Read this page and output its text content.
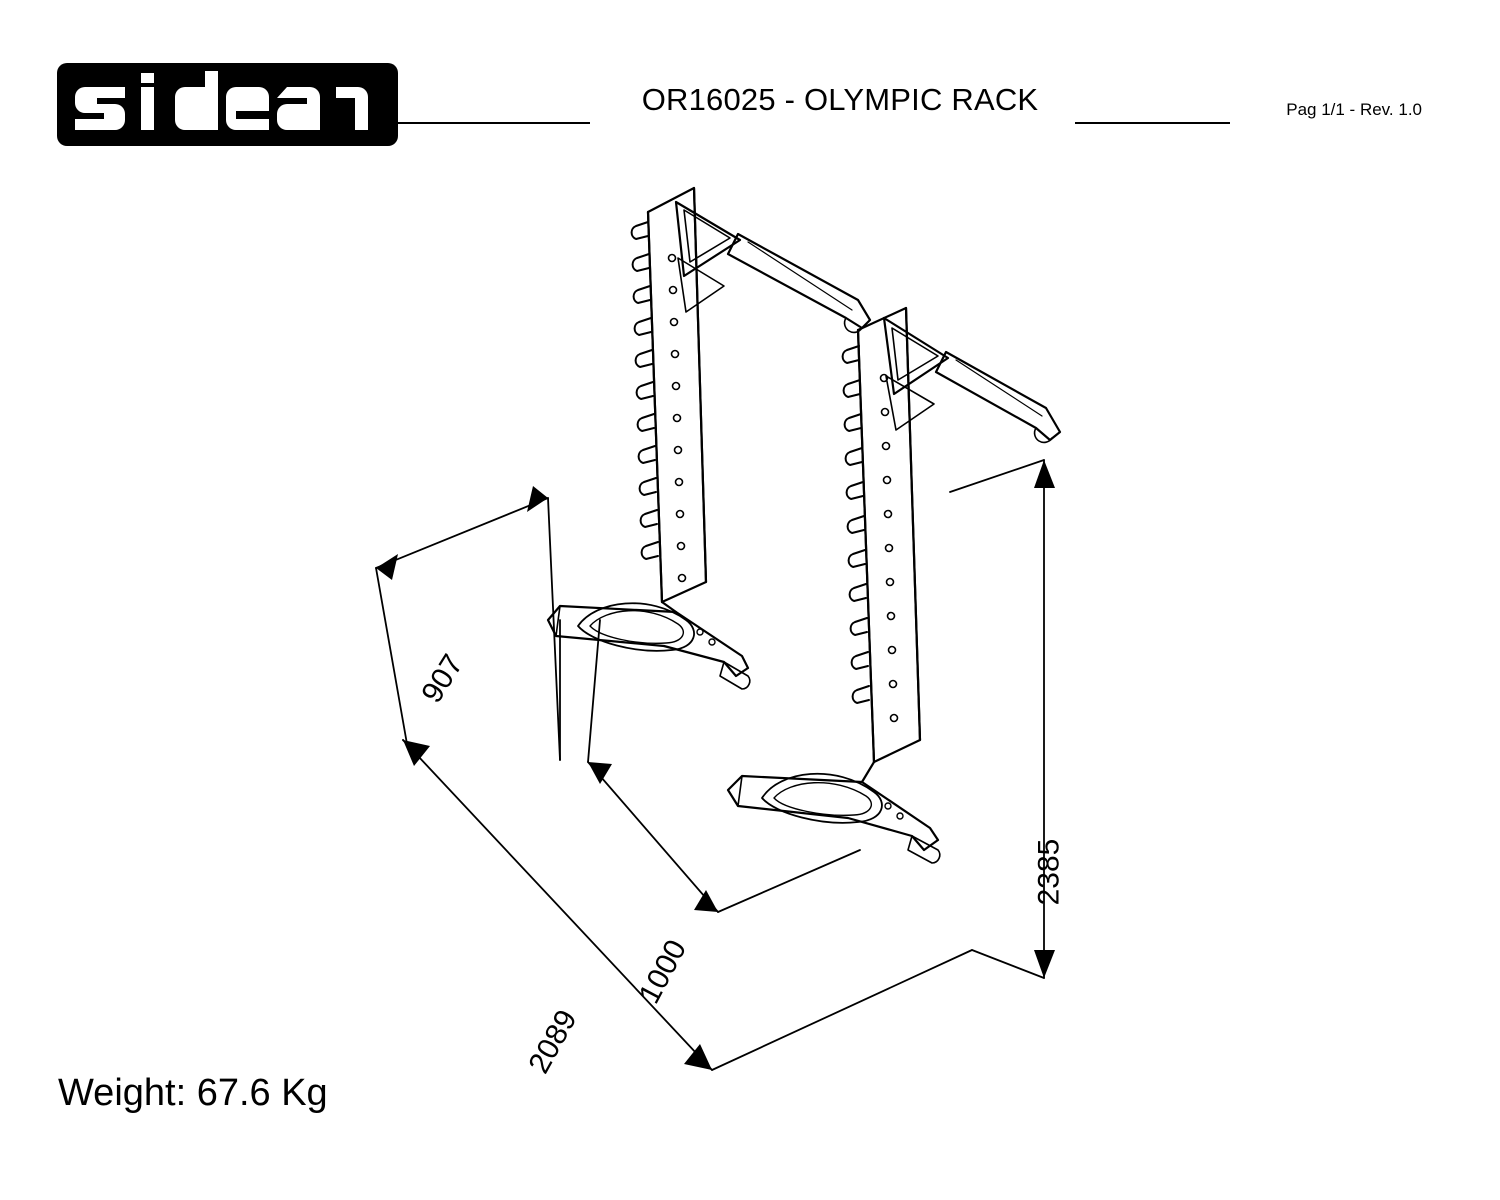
OR16025 - OLYMPIC RACK	Pag 1/1 - Rev. 1.0
907
1000
2089
2385
Weight: 67.6 Kg
